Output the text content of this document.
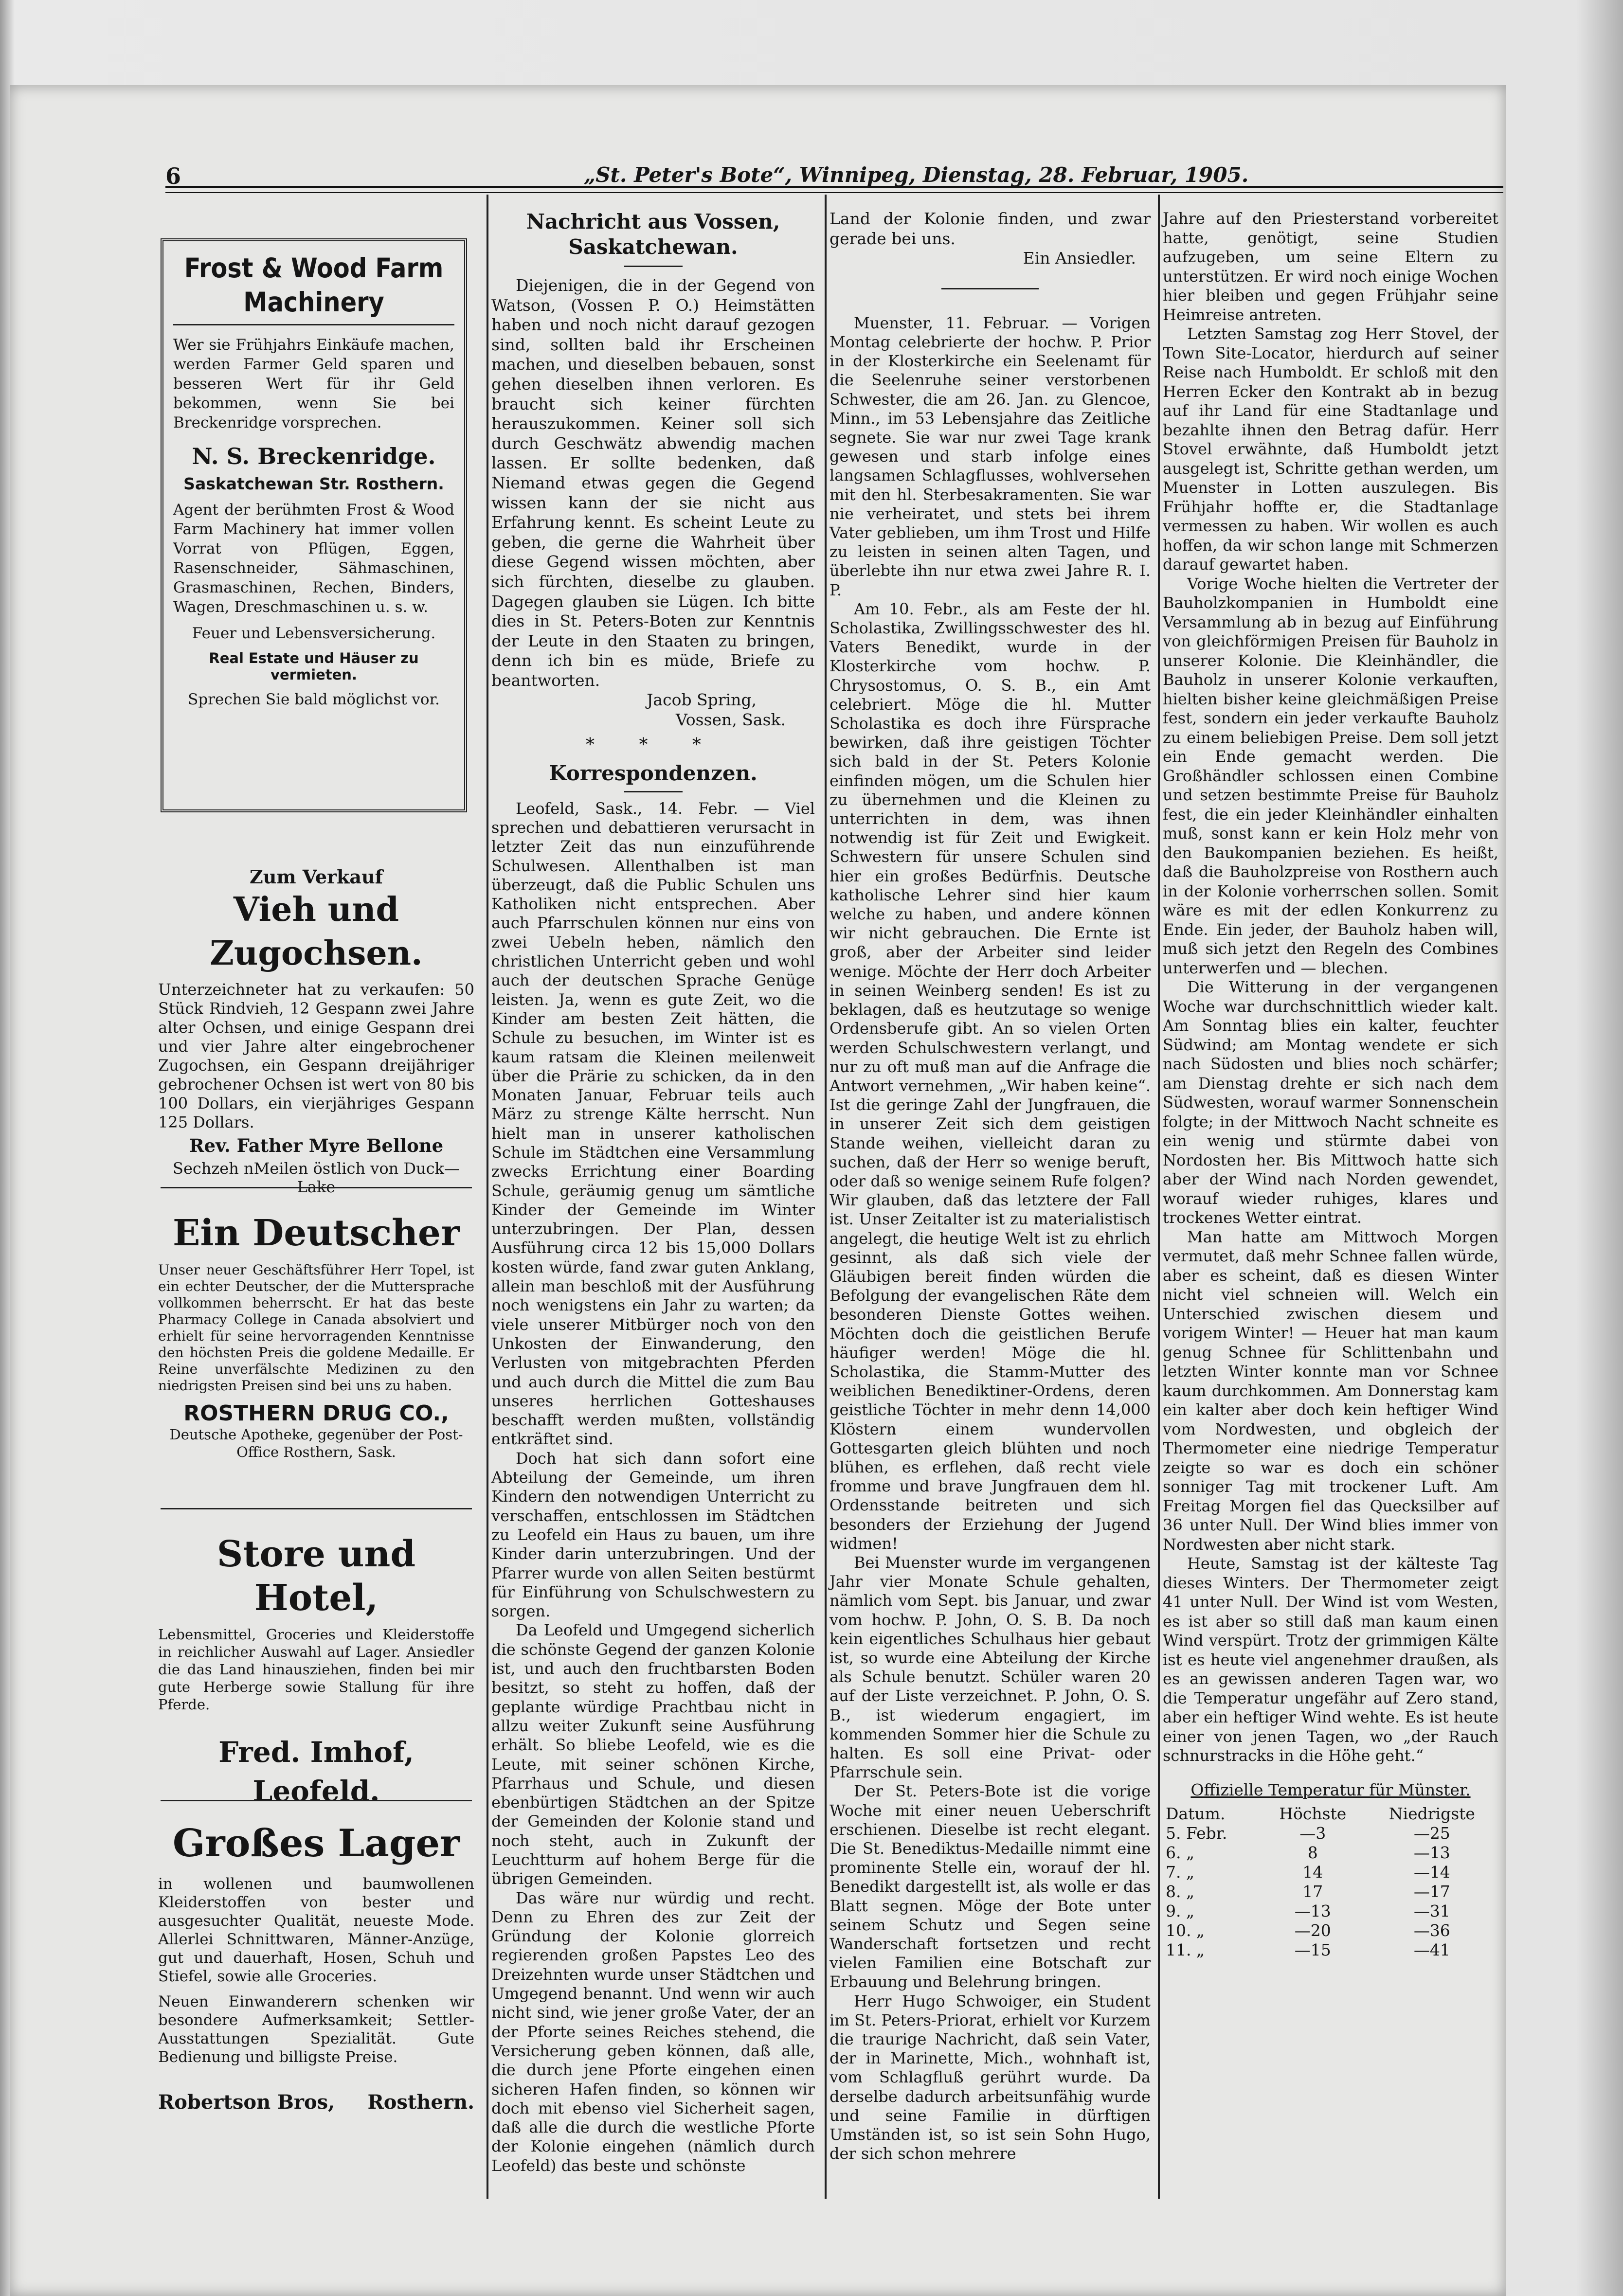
6	„St. Peter's Bote“, Winnipeg, Dienstag, 28. Februar, 1905.
Frost & Wood Farm Machinery

Wer sie Frühjahrs Einkäufe machen, werden Farmer Geld sparen und besseren Wert für ihr Geld bekommen, wenn Sie bei Breckenridge vorsprechen.

N. S. Breckenridge.
Saskatchewan Str. Rosthern.

Agent der berühmten Frost & Wood Farm Machinery hat immer vollen Vorrat von Pflügen, Eggen, Rasenschneider, Sähmaschinen, Grasmaschinen, Rechen, Binders, Wagen, Dreschmaschinen u. s. w.

Feuer und Lebensversicherung.
Real Estate und Häuser zu vermieten.
Sprechen Sie bald möglichst vor.
Zum Verkauf
Vieh und Zugochsen.

Unterzeichneter hat zu verkaufen: 50 Stück Rindvieh, 12 Gespann zwei Jahre alter Ochsen, und einige Gespann drei und vier Jahre alter eingebrochener Zugochsen, ein Gespann dreijähriger gebrochener Ochsen ist wert von 80 bis 100 Dollars, ein vierjähriges Gespann 125 Dollars.

Rev. Father Myre Bellone
Sechzeh nMeilen östlich von Duck—Lake
Ein Deutscher

Unser neuer Geschäftsführer Herr Topel, ist ein echter Deutscher, der die Muttersprache vollkommen beherrscht. Er hat das beste Pharmacy College in Canada absolviert und erhielt für seine hervorragenden Kenntnisse den höchsten Preis die goldene Medaille. Er Reine unverfälschte Medizinen zu den niedrigsten Preisen sind bei uns zu haben.

ROSTHERN DRUG CO.,
Deutsche Apotheke, gegenüber der Post-Office Rosthern, Sask.
Store und Hotel,

Lebensmittel, Groceries und Kleiderstoffe in reichlicher Auswahl auf Lager. Ansiedler die das Land hinausziehen, finden bei mir gute Herberge sowie Stallung für ihre Pferde.

Fred. Imhof, Leofeld.
Großes Lager

in wollenen und baumwollenen Kleiderstoffen von bester und ausgesuchter Qualität, neueste Mode. Allerlei Schnittwaren, Männer-Anzüge, gut und dauerhaft, Hosen, Schuh und Stiefel, sowie alle Groceries.

Neuen Einwanderern schenken wir besondere Aufmerksamkeit; Settler-Ausstattungen Spezialität. Gute Bedienung und billigste Preise.

Robertson Bros, Rosthern.
Nachricht aus Vossen, Saskatchewan.

Diejenigen, die in der Gegend von Watson, (Vossen P. O.) Heimstätten haben und noch nicht darauf gezogen sind, sollten bald ihr Erscheinen machen, und dieselben bebauen, sonst gehen dieselben ihnen verloren. Es braucht sich keiner fürchten herauszukommen. Keiner soll sich durch Geschwätz abwendig machen lassen. Er sollte bedenken, daß Niemand etwas gegen die Gegend wissen kann der sie nicht aus Erfahrung kennt. Es scheint Leute zu geben, die gerne die Wahrheit über diese Gegend wissen möchten, aber sich fürchten, dieselbe zu glauben. Dagegen glauben sie Lügen. Ich bitte dies in St. Peters-Boten zur Kenntnis der Leute in den Staaten zu bringen, denn ich bin es müde, Briefe zu beantworten.

Jacob Spring,
Vossen, Sask.
* * *
Korrespondenzen.

Leofeld, Sask., 14. Febr. — Viel sprechen und debattieren verursacht in letzter Zeit das nun einzuführende Schulwesen. Allenthalben ist man überzeugt, daß die Public Schulen uns Katholiken nicht entsprechen. Aber auch Pfarrschulen können nur eins von zwei Uebeln heben, nämlich den christlichen Unterricht geben und wohl auch der deutschen Sprache Genüge leisten. Ja, wenn es gute Zeit, wo die Kinder am besten Zeit hätten, die Schule zu besuchen, im Winter ist es kaum ratsam die Kleinen meilenweit über die Prärie zu schicken, da in den Monaten Januar, Februar teils auch März zu strenge Kälte herrscht. Nun hielt man in unserer katholischen Schule im Städtchen eine Versammlung zwecks Errichtung einer Boarding Schule, geräumig genug um sämtliche Kinder der Gemeinde im Winter unterzubringen. Der Plan, dessen Ausführung circa 12 bis 15,000 Dollars kosten würde, fand zwar guten Anklang, allein man beschloß mit der Ausführung noch wenigstens ein Jahr zu warten; da viele unserer Mitbürger noch von den Unkosten der Einwanderung, den Verlusten von mitgebrachten Pferden und auch durch die Mittel die zum Bau unseres herrlichen Gotteshauses beschafft werden mußten, vollständig entkräftet sind.

Doch hat sich dann sofort eine Abteilung der Gemeinde, um ihren Kindern den notwendigen Unterricht zu verschaffen, entschlossen im Städtchen zu Leofeld ein Haus zu bauen, um ihre Kinder darin unterzubringen. Und der Pfarrer wurde von allen Seiten bestürmt für Einführung von Schulschwestern zu sorgen.

Da Leofeld und Umgegend sicherlich die schönste Gegend der ganzen Kolonie ist, und auch den fruchtbarsten Boden besitzt, so steht zu hoffen, daß der geplante würdige Prachtbau nicht in allzu weiter Zukunft seine Ausführung erhält. So bliebe Leofeld, wie es die Leute, mit seiner schönen Kirche, Pfarrhaus und Schule, und diesen ebenbürtigen Städtchen an der Spitze der Gemeinden der Kolonie stand und noch steht, auch in Zukunft der Leuchtturm auf hohem Berge für die übrigen Gemeinden.

Das wäre nur würdig und recht. Denn zu Ehren des zur Zeit der Gründung der Kolonie glorreich regierenden großen Papstes Leo des Dreizehnten wurde unser Städtchen und Umgegend benannt. Und wenn wir auch nicht sind, wie jener große Vater, der an der Pforte seines Reiches stehend, die Versicherung geben können, daß alle, die durch jene Pforte eingehen einen sicheren Hafen finden, so können wir doch mit ebenso viel Sicherheit sagen, daß alle die durch die westliche Pforte der Kolonie eingehen (nämlich durch Leofeld) das beste und schönste

Land der Kolonie finden, und zwar gerade bei uns.
Ein Ansiedler.

Muenster, 11. Februar. — Vorigen Montag celebrierte der hochw. P. Prior in der Klosterkirche ein Seelenamt für die Seelenruhe seiner verstorbenen Schwester, die am 26. Jan. zu Glencoe, Minn., im 53 Lebensjahre das Zeitliche segnete. Sie war nur zwei Tage krank gewesen und starb infolge eines langsamen Schlagflusses, wohlversehen mit den hl. Sterbesakramenten. Sie war nie verheiratet, und stets bei ihrem Vater geblieben, um ihm Trost und Hilfe zu leisten in seinen alten Tagen, und überlebte ihn nur etwa zwei Jahre R. I. P.

Am 10. Febr., als am Feste der hl. Scholastika, Zwillingsschwester des hl. Vaters Benedikt, wurde in der Klosterkirche vom hochw. P. Chrysostomus, O. S. B., ein Amt celebriert. Möge die hl. Mutter Scholastika es doch ihre Fürsprache bewirken, daß ihre geistigen Töchter sich bald in der St. Peters Kolonie einfinden mögen, um die Schulen hier zu übernehmen und die Kleinen zu unterrichten in dem, was ihnen notwendig ist für Zeit und Ewigkeit. Schwestern für unsere Schulen sind hier ein großes Bedürfnis. Deutsche katholische Lehrer sind hier kaum welche zu haben, und andere können wir nicht gebrauchen. Die Ernte ist groß, aber der Arbeiter sind leider wenige. Möchte der Herr doch Arbeiter in seinen Weinberg senden! Es ist zu beklagen, daß es heutzutage so wenige Ordensberufe gibt. An so vielen Orten werden Schulschwestern verlangt, und nur zu oft muß man auf die Anfrage die Antwort vernehmen, „Wir haben keine“. Ist die geringe Zahl der Jungfrauen, die in unserer Zeit sich dem geistigen Stande weihen, vielleicht daran zu suchen, daß der Herr so wenige beruft, oder daß so wenige seinem Rufe folgen? Wir glauben, daß das letztere der Fall ist. Unser Zeitalter ist zu materialistisch angelegt, die heutige Welt ist zu ehrlich gesinnt, als daß sich viele der Gläubigen bereit finden würden die Befolgung der evangelischen Räte dem besonderen Dienste Gottes weihen. Möchten doch die geistlichen Berufe häufiger werden! Möge die hl. Scholastika, die Stamm-Mutter des weiblichen Benediktiner-Ordens, deren geistliche Töchter in mehr denn 14,000 Klöstern einem wundervollen Gottesgarten gleich blühten und noch blühen, es erflehen, daß recht viele fromme und brave Jungfrauen dem hl. Ordensstande beitreten und sich besonders der Erziehung der Jugend widmen!

Bei Muenster wurde im vergangenen Jahr vier Monate Schule gehalten, nämlich vom Sept. bis Januar, und zwar vom hochw. P. John, O. S. B. Da noch kein eigentliches Schulhaus hier gebaut ist, so wurde eine Abteilung der Kirche als Schule benutzt. Schüler waren 20 auf der Liste verzeichnet. P. John, O. S. B., ist wiederum engagiert, im kommenden Sommer hier die Schule zu halten. Es soll eine Privat- oder Pfarrschule sein.

Der St. Peters-Bote ist die vorige Woche mit einer neuen Ueberschrift erschienen. Dieselbe ist recht elegant. Die St. Benediktus-Medaille nimmt eine prominente Stelle ein, worauf der hl. Benedikt dargestellt ist, als wolle er das Blatt segnen. Möge der Bote unter seinem Schutz und Segen seine Wanderschaft fortsetzen und recht vielen Familien eine Botschaft zur Erbauung und Belehrung bringen.

Herr Hugo Schwoiger, ein Student im St. Peters-Priorat, erhielt vor Kurzem die traurige Nachricht, daß sein Vater, der in Marinette, Mich., wohnhaft ist, vom Schlagfluß gerührt wurde. Da derselbe dadurch arbeitsunfähig wurde und seine Familie in dürftigen Umständen ist, so ist sein Sohn Hugo, der sich schon mehrere

Jahre auf den Priesterstand vorbereitet hatte, genötigt, seine Studien aufzugeben, um seine Eltern zu unterstützen. Er wird noch einige Wochen hier bleiben und gegen Frühjahr seine Heimreise antreten.

Letzten Samstag zog Herr Stovel, der Town Site-Locator, hierdurch auf seiner Reise nach Humboldt. Er schloß mit den Herren Ecker den Kontrakt ab in bezug auf ihr Land für eine Stadtanlage und bezahlte ihnen den Betrag dafür. Herr Stovel erwähnte, daß Humboldt jetzt ausgelegt ist, Schritte gethan werden, um Muenster in Lotten auszulegen. Bis Frühjahr hoffte er, die Stadtanlage vermessen zu haben. Wir wollen es auch hoffen, da wir schon lange mit Schmerzen darauf gewartet haben.

Vorige Woche hielten die Vertreter der Bauholzkompanien in Humboldt eine Versammlung ab in bezug auf Einführung von gleichförmigen Preisen für Bauholz in unserer Kolonie. Die Kleinhändler, die Bauholz in unserer Kolonie verkauften, hielten bisher keine gleichmäßigen Preise fest, sondern ein jeder verkaufte Bauholz zu einem beliebigen Preise. Dem soll jetzt ein Ende gemacht werden. Die Großhändler schlossen einen Combine und setzen bestimmte Preise für Bauholz fest, die ein jeder Kleinhändler einhalten muß, sonst kann er kein Holz mehr von den Baukompanien beziehen. Es heißt, daß die Bauholzpreise von Rosthern auch in der Kolonie vorherrschen sollen. Somit wäre es mit der edlen Konkurrenz zu Ende. Ein jeder, der Bauholz haben will, muß sich jetzt den Regeln des Combines unterwerfen und — blechen.

Die Witterung in der vergangenen Woche war durchschnittlich wieder kalt. Am Sonntag blies ein kalter, feuchter Südwind; am Montag wendete er sich nach Südosten und blies noch schärfer; am Dienstag drehte er sich nach dem Südwesten, worauf warmer Sonnenschein folgte; in der Mittwoch Nacht schneite es ein wenig und stürmte dabei von Nordosten her. Bis Mittwoch hatte sich aber der Wind nach Norden gewendet, worauf wieder ruhiges, klares und trockenes Wetter eintrat.

Man hatte am Mittwoch Morgen vermutet, daß mehr Schnee fallen würde, aber es scheint, daß es diesen Winter nicht viel schneien will. Welch ein Unterschied zwischen diesem und vorigem Winter! — Heuer hat man kaum genug Schnee für Schlittenbahn und letzten Winter konnte man vor Schnee kaum durchkommen. Am Donnerstag kam ein kalter aber doch kein heftiger Wind vom Nordwesten, und obgleich der Thermometer eine niedrige Temperatur zeigte so war es doch ein schöner sonniger Tag mit trockener Luft. Am Freitag Morgen fiel das Quecksilber auf 36 unter Null. Der Wind blies immer von Nordwesten aber nicht stark.

Heute, Samstag ist der kälteste Tag dieses Winters. Der Thermometer zeigt 41 unter Null. Der Wind ist vom Westen, es ist aber so still daß man kaum einen Wind verspürt. Trotz der grimmigen Kälte ist es heute viel angenehmer draußen, als es an gewissen anderen Tagen war, wo die Temperatur ungefähr auf Zero stand, aber ein heftiger Wind wehte. Es ist heute einer von jenen Tagen, wo „der Rauch schnurstracks in die Höhe geht.“

Offizielle Temperatur für Münster.
Datum.	Höchste	Niedrigste
5. Febr.	—3	—25
6. „	8	—13
7. „	14	—14
8. „	17	—17
9. „	—13	—31
10. „	—20	—36
11. „	—15	—41
